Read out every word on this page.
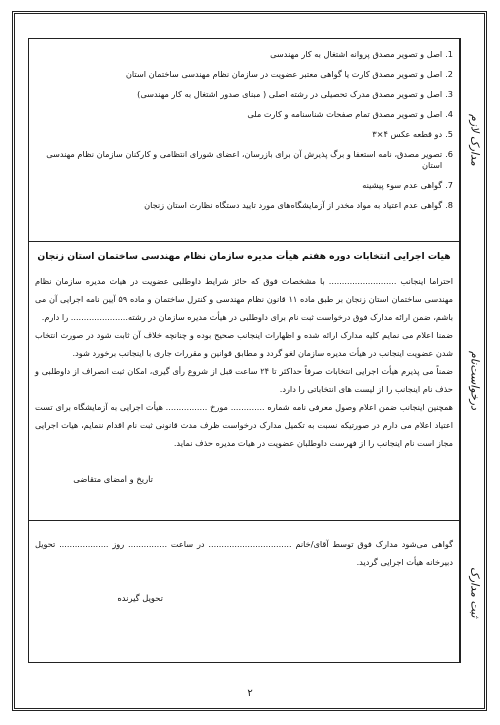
مدارک لازم
درخواست‌نام
ثبت مدارک
1.
اصل و تصویر مصدق پروانه اشتغال به کار مهندسی
2.
اصل و تصویر مصدق کارت یا گواهی معتبر عضویت در سازمان نظام مهندسی ساختمان استان
3.
اصل و تصویر مصدق مدرک تحصیلی در رشته اصلی ( مبنای صدور اشتغال به کار مهندسی)
4.
اصل و تصویر مصدق تمام صفحات شناسنامه و کارت ملی
5.
دو قطعه عکس ۴×۳
6.
تصویر مصدق، نامه استعفا و برگ پذیرش آن برای بازرسان، اعضای شورای انتظامی و کارکنان سازمان نظام مهندسی استان
7.
گواهی عدم سوء پیشینه
8.
گواهی عدم اعتیاد به مواد مخدر از آزمایشگاه‌های مورد تایید دستگاه نظارت استان زنجان
هیات اجرایی انتخابات دوره هفتم هیأت مدیره سازمان نظام مهندسی ساختمان استان زنجان
احتراما اینجانب .......................... با مشخصات فوق که حائز شرایط داوطلبی عضویت در هیات مدیره سازمان نظام مهندسی ساختمان استان زنجان بر طبق ماده ۱۱ قانون نظام مهندسی و کنترل ساختمان و ماده ۵۹ آیین نامه اجرایی آن می باشم، ضمن ارائه مدارک فوق درخواست ثبت نام برای داوطلبی در هیأت مدیره سازمان در رشته...................... را دارم.
ضمنا اعلام می نمایم کلیه مدارک ارائه شده و اظهارات اینجانب صحیح بوده و چنانچه خلاف آن ثابت شود در صورت انتخاب شدن عضویت اینجانب در هیأت مدیره سازمان لغو گردد و مطابق قوانین و مقررات جاری با اینجانب برخورد شود.
ضمناً می پذیرم هیأت اجرایی انتخابات صرفاً حداکثر تا ۲۴ ساعت قبل از شروع رأی گیری، امکان ثبت انصراف از داوطلبی و حذف نام اینجانب را از لیست های انتخاباتی را دارد.
همچنین اینجانب ضمن اعلام وصول معرفی نامه شماره ............. مورخ ................ هیأت اجرایی به آزمایشگاه برای تست اعتیاد اعلام می دارم در صورتیکه نسبت به تکمیل مدارک درخواست ظرف مدت قانونی ثبت نام اقدام ننمایم، هیات اجرایی مجاز است نام اینجانب را از فهرست داوطلبان عضویت در هیات مدیره حذف نماید.
تاریخ و امضای متقاضی
گواهی می‌شود مدارک فوق توسط آقای/خانم ................................ در ساعت ............... روز ................... تحویل دبیرخانه هیأت اجرایی گردید.
تحویل گیرنده
۲
